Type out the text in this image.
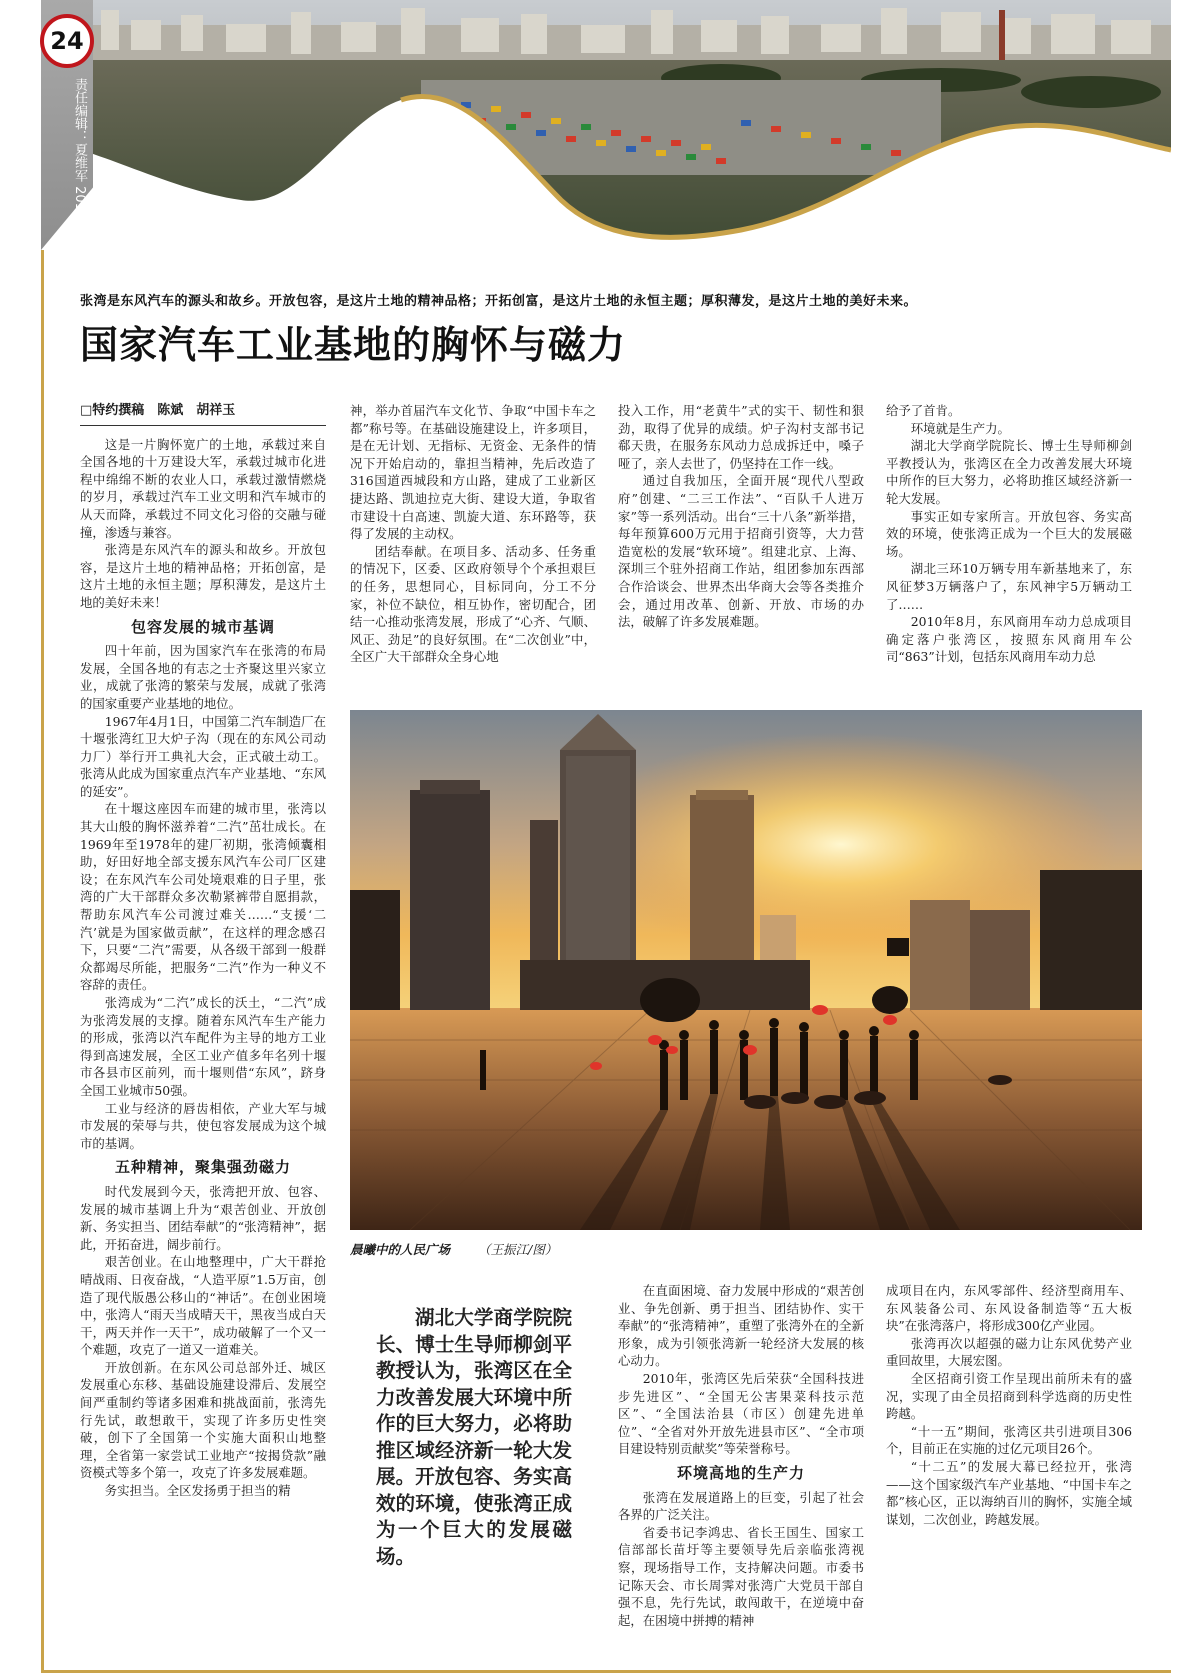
24
责任编辑：夏维军 2011年3月21日
张湾是东风汽车的源头和故乡。开放包容，是这片土地的精神品格；开拓创富，是这片土地的永恒主题；厚积薄发，是这片土地的美好未来。
国家汽车工业基地的胸怀与磁力
□特约撰稿　陈斌　胡祥玉

这是一片胸怀宽广的土地，承载过来自全国各地的十万建设大军，承载过城市化进程中绵绵不断的农业人口，承载过激情燃烧的岁月，承载过汽车工业文明和汽车城市的从天而降，承载过不同文化习俗的交融与碰撞，渗透与兼容。

张湾是东风汽车的源头和故乡。开放包容，是这片土地的精神品格；开拓创富，是这片土地的永恒主题；厚积薄发，是这片土地的美好未来！

包容发展的城市基调

四十年前，因为国家汽车在张湾的布局发展，全国各地的有志之士齐聚这里兴家立业，成就了张湾的繁荣与发展，成就了张湾的国家重要产业基地的地位。

1967年4月1日，中国第二汽车制造厂在十堰张湾红卫大炉子沟（现在的东风公司动力厂）举行开工典礼大会，正式破土动工。张湾从此成为国家重点汽车产业基地、“东风的延安”。

在十堰这座因车而建的城市里，张湾以其大山般的胸怀滋养着“二汽”茁壮成长。在1969年至1978年的建厂初期，张湾倾囊相助，好田好地全部支援东风汽车公司厂区建设；在东风汽车公司处境艰难的日子里，张湾的广大干部群众多次勒紧裤带自愿捐款，帮助东风汽车公司渡过难关……“支援‘二汽’就是为国家做贡献”，在这样的理念感召下，只要“二汽”需要，从各级干部到一般群众都竭尽所能，把服务“二汽”作为一种义不容辞的责任。

张湾成为“二汽”成长的沃土，“二汽”成为张湾发展的支撑。随着东风汽车生产能力的形成，张湾以汽车配件为主导的地方工业得到高速发展，全区工业产值多年名列十堰市各县市区前列，而十堰则借“东风”，跻身全国工业城市50强。

工业与经济的唇齿相依，产业大军与城市发展的荣辱与共，使包容发展成为这个城市的基调。

五种精神，聚集强劲磁力

时代发展到今天，张湾把开放、包容、发展的城市基调上升为“艰苦创业、开放创新、务实担当、团结奉献”的“张湾精神”，据此，开拓奋进，阔步前行。

艰苦创业。在山地整理中，广大干群抢晴战雨、日夜奋战，“人造平原”1.5万亩，创造了现代版愚公移山的“神话”。在创业困境中，张湾人“雨天当成晴天干，黑夜当成白天干，两天并作一天干”，成功破解了一个又一个难题，攻克了一道又一道难关。

开放创新。在东风公司总部外迁、城区发展重心东移、基础设施建设滞后、发展空间严重制约等诸多困难和挑战面前，张湾先行先试，敢想敢干，实现了许多历史性突破，创下了全国第一个实施大面积山地整理，全省第一家尝试工业地产“按揭贷款”融资模式等多个第一，攻克了许多发展难题。

务实担当。全区发扬勇于担当的精

神，举办首届汽车文化节、争取“中国卡车之都”称号等。在基础设施建设上，许多项目，是在无计划、无指标、无资金、无条件的情况下开始启动的，靠担当精神，先后改造了316国道西城段和方山路，建成了工业新区捷达路、凯迪拉克大街、建设大道，争取省市建设十白高速、凯旋大道、东环路等，获得了发展的主动权。

团结奉献。在项目多、活动多、任务重的情况下，区委、区政府领导个个承担艰巨的任务，思想同心，目标同向，分工不分家，补位不缺位，相互协作，密切配合，团结一心推动张湾发展，形成了“心齐、气顺、风正、劲足”的良好氛围。在“二次创业”中，全区广大干部群众全身心地

投入工作，用“老黄牛”式的实干、韧性和狠劲，取得了优异的成绩。炉子沟村支部书记郗天贵，在服务东风动力总成拆迁中，嗓子哑了，亲人去世了，仍坚持在工作一线。

通过自我加压，全面开展“现代八型政府”创建、“二三工作法”、“百队千人进万家”等一系列活动。出台“三十八条”新举措，每年预算600万元用于招商引资等，大力营造宽松的发展“软环境”。组建北京、上海、深圳三个驻外招商工作站，组团参加东西部合作洽谈会、世界杰出华商大会等各类推介会，通过用改革、创新、开放、市场的办法，破解了许多发展难题。

给予了首肯。

环境就是生产力。

湖北大学商学院院长、博士生导师柳剑平教授认为，张湾区在全力改善发展大环境中所作的巨大努力，必将助推区域经济新一轮大发展。

事实正如专家所言。开放包容、务实高效的环境，使张湾正成为一个巨大的发展磁场。

湖北三环10万辆专用车新基地来了，东风征梦3万辆落户了，东风神宇5万辆动工了……

2010年8月，东风商用车动力总成项目确定落户张湾区，按照东风商用车公司“863”计划，包括东风商用车动力总

晨曦中的人民广场 （王振江/图）

湖北大学商学院院长、博士生导师柳剑平教授认为，张湾区在全力改善发展大环境中所作的巨大努力，必将助推区域经济新一轮大发展。开放包容、务实高效的环境，使张湾正成为一个巨大的发展磁场。

在直面困境、奋力发展中形成的“艰苦创业、争先创新、勇于担当、团结协作、实干奉献”的“张湾精神”，重塑了张湾外在的全新形象，成为引领张湾新一轮经济大发展的核心动力。

2010年，张湾区先后荣获“全国科技进步先进区”、“全国无公害果菜科技示范区”、“全国法治县（市区）创建先进单位”、“全省对外开放先进县市区”、“全市项目建设特别贡献奖”等荣誉称号。

环境高地的生产力

张湾在发展道路上的巨变，引起了社会各界的广泛关注。

省委书记李鸿忠、省长王国生、国家工信部部长苗圩等主要领导先后亲临张湾视察，现场指导工作，支持解决问题。市委书记陈天会、市长周霁对张湾广大党员干部自强不息，先行先试，敢闯敢干，在逆境中奋起，在困境中拼搏的精神

成项目在内，东风零部件、经济型商用车、东风装备公司、东风设备制造等“五大板块”在张湾落户，将形成300亿产业园。

张湾再次以超强的磁力让东风优势产业重回故里，大展宏图。

全区招商引资工作呈现出前所未有的盛况，实现了由全员招商到科学选商的历史性跨越。

“十一五”期间，张湾区共引进项目306个，目前正在实施的过亿元项目26个。

“十二五”的发展大幕已经拉开，张湾——这个国家级汽车产业基地、“中国卡车之都”核心区，正以海纳百川的胸怀，实施全域谋划，二次创业，跨越发展。
